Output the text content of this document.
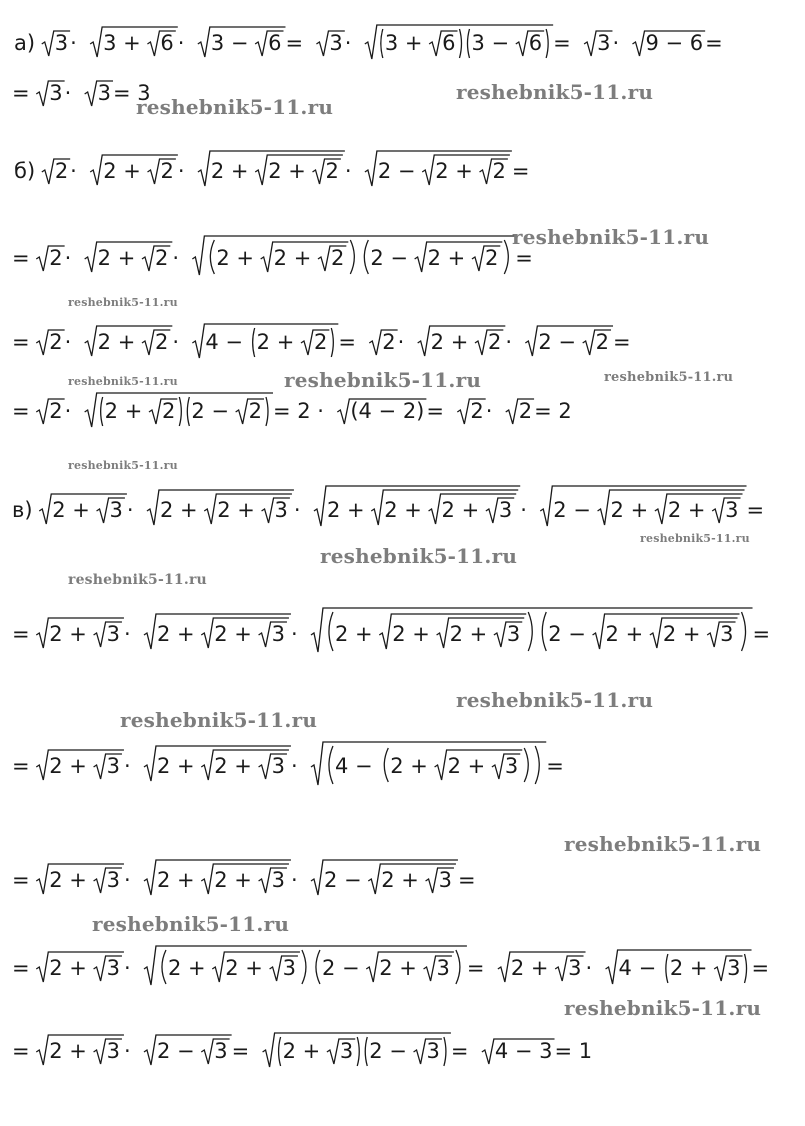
а) 3 · 3 + 6 · 3 − 6 = 3 · 3 + 6 3 − 6 = 3 · 9 − 6 =
= 3 · 3 = 3
б) 2 · 2 + 2 · 2 + 2 + 2 · 2 − 2 + 2 =
= 2 · 2 + 2 · 2 + 2 + 2 2 − 2 + 2 =
= 2 · 2 + 2 · 4 − 2 + 2 = 2 · 2 + 2 · 2 − 2 =
= 2 · 2 + 2 2 − 2 = 2 · (4 − 2) = 2 · 2 = 2
в) 2 + 3 · 2 + 2 + 3 · 2 + 2 + 2 + 3 · 2 − 2 + 2 + 3 =
= 2 + 3 · 2 + 2 + 3 · 2 + 2 + 2 + 3 2 − 2 + 2 + 3 =
= 2 + 3 · 2 + 2 + 3 · 4 − 2 + 2 + 3 =
= 2 + 3 · 2 + 2 + 3 · 2 − 2 + 3 =
= 2 + 3 · 2 + 2 + 3 2 − 2 + 3 = 2 + 3 · 4 − 2 + 3 =
= 2 + 3 · 2 − 3 = 2 + 3 2 − 3 = 4 − 3 = 1
reshebnik5-11.ru
reshebnik5-11.ru
reshebnik5-11.ru
reshebnik5-11.ru
reshebnik5-11.ru	reshebnik5-11.ru	reshebnik5-11.ru
reshebnik5-11.ru
reshebnik5-11.ru
reshebnik5-11.ru
reshebnik5-11.ru
reshebnik5-11.ru
reshebnik5-11.ru
reshebnik5-11.ru
reshebnik5-11.ru
reshebnik5-11.ru
